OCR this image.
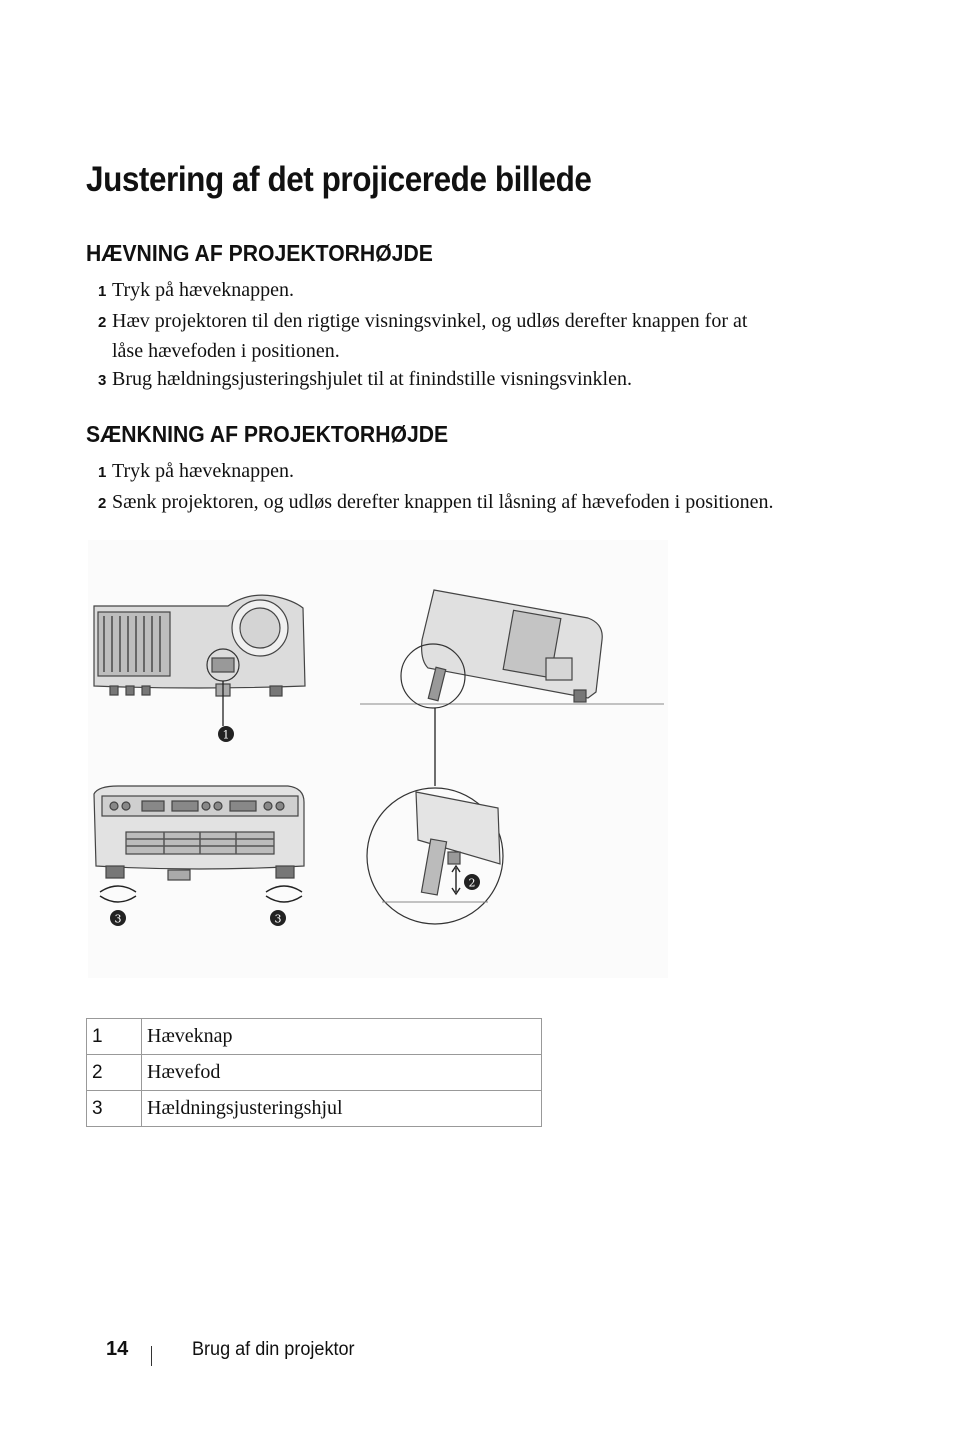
Justering af det projicerede billede
HÆVNING AF PROJEKTORHØJDE
1 Tryk på hæveknappen.
2 Hæv projektoren til den rigtige visningsvinkel, og udløs derefter knappen for at
låse hævefoden i positionen.
3 Brug hældningsjusteringshjulet til at finindstille visningsvinklen.
SÆNKNING AF PROJEKTORHØJDE
1 Tryk på hæveknappen.
2 Sænk projektoren, og udløs derefter knappen til låsning af hævefoden i positionen.
1
3	3
2
1	Hæveknap
2	Hævefod
3	Hældningsjusteringshjul
14	Brug af din projektor
